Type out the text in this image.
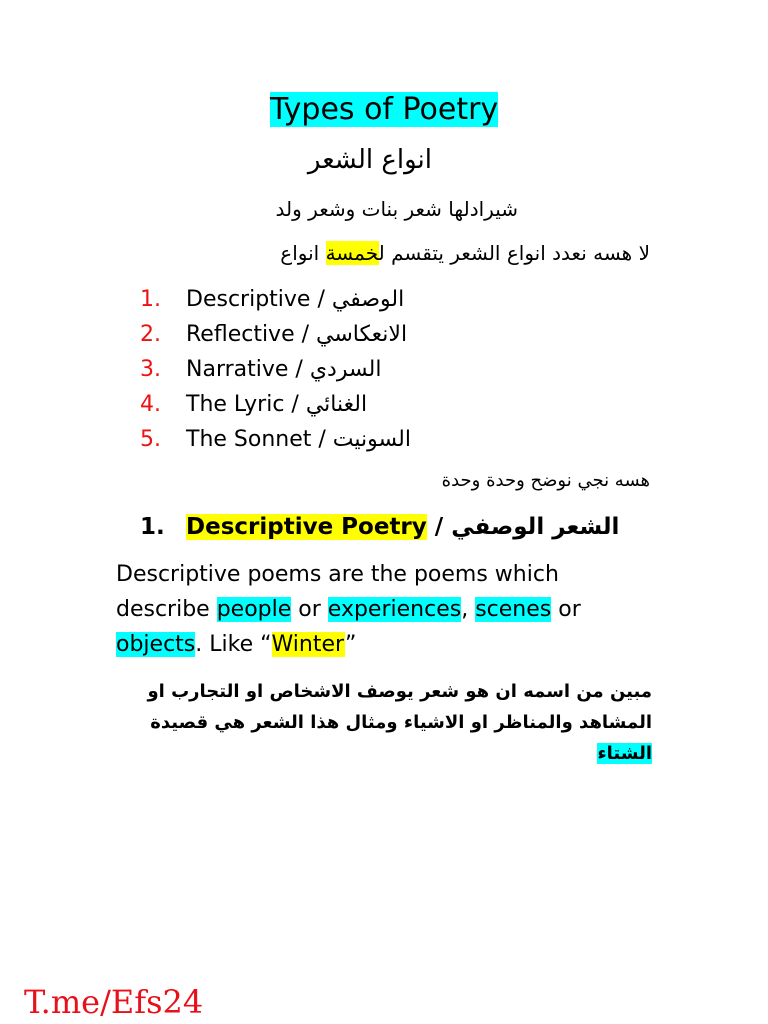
Types of Poetry
انواع الشعر
شيرادلها شعر بنات وشعر ولد
لا هسه نعدد انواع الشعر يتقسم لخمسة انواع
1. Descriptive / الوصفي
2. Reflective / الانعكاسي
3. Narrative / السردي
4. The Lyric / الغنائي
5. The Sonnet / السونيت
هسه نجي نوضح وحدة وحدة
1. Descriptive Poetry / الشعر الوصفي
Descriptive poems are the poems which describe people or experiences, scenes or objects. Like “Winter”
مبين من اسمه ان هو شعر يوصف الاشخاص او التجارب او المشاهد والمناظر او الاشياء ومثال هذا الشعر هي قصيدة الشتاء
T.me/Efs24
